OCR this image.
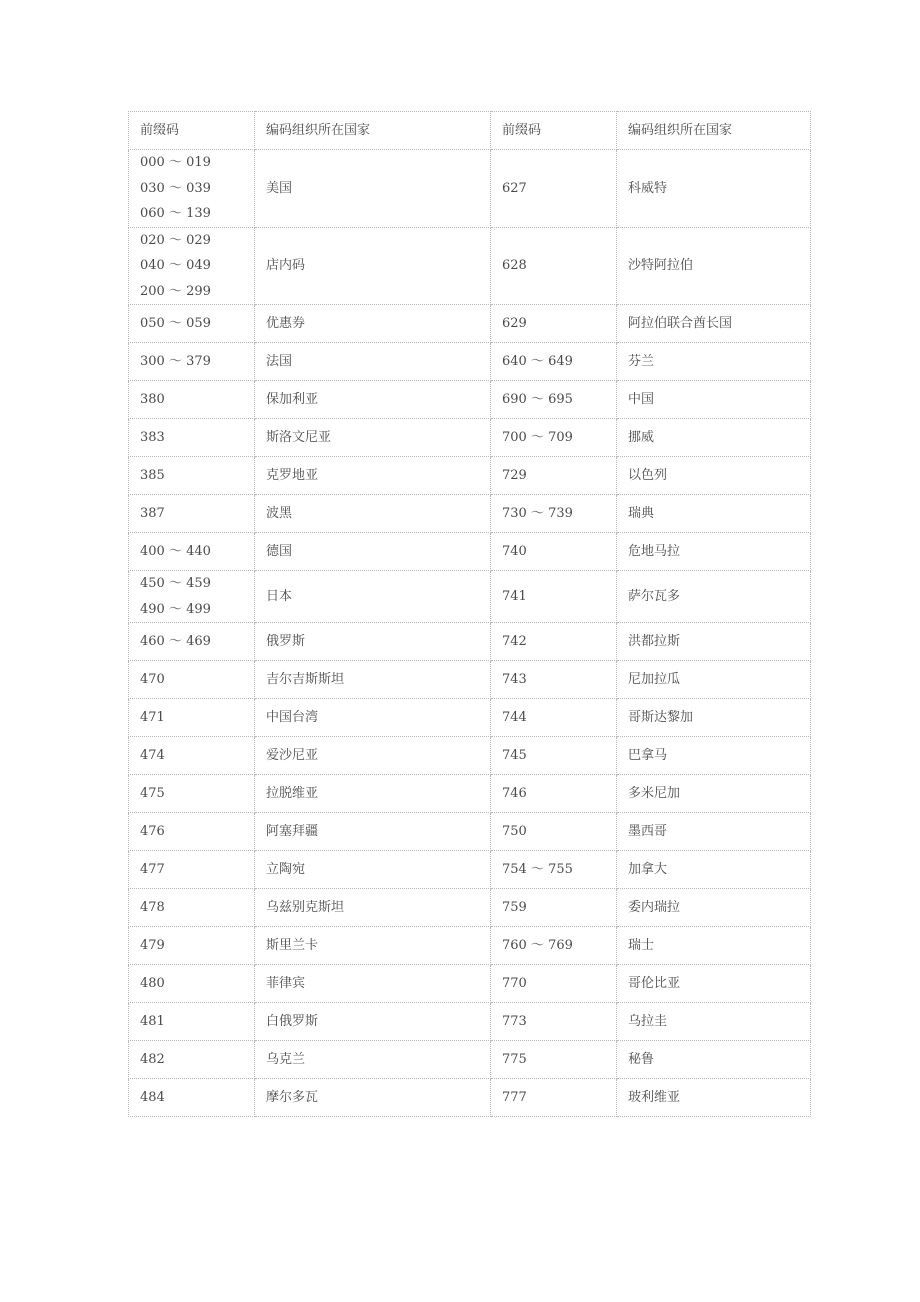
前缀码	编码组织所在国家	前缀码	编码组织所在国家

000 ～ 019
030 ～ 039
060 ～ 139	美国	627	科威特

020 ～ 029
040 ～ 049
200 ～ 299	店内码	628	沙特阿拉伯

050 ～ 059	优惠券	629	阿拉伯联合酋长国

300 ～ 379	法国	640 ～ 649	芬兰

380	保加利亚	690 ～ 695	中国

383	斯洛文尼亚	700 ～ 709	挪威

385	克罗地亚	729	以色列

387	波黑	730 ～ 739	瑞典

400 ～ 440	德国	740	危地马拉

450 ～ 459
490 ～ 499	日本	741	萨尔瓦多

460 ～ 469	俄罗斯	742	洪都拉斯

470	吉尔吉斯斯坦	743	尼加拉瓜

471	中国台湾	744	哥斯达黎加

474	爱沙尼亚	745	巴拿马

475	拉脱维亚	746	多米尼加

476	阿塞拜疆	750	墨西哥

477	立陶宛	754 ～ 755	加拿大

478	乌兹别克斯坦	759	委内瑞拉

479	斯里兰卡	760 ～ 769	瑞士

480	菲律宾	770	哥伦比亚

481	白俄罗斯	773	乌拉圭

482	乌克兰	775	秘鲁

484	摩尔多瓦	777	玻利维亚
